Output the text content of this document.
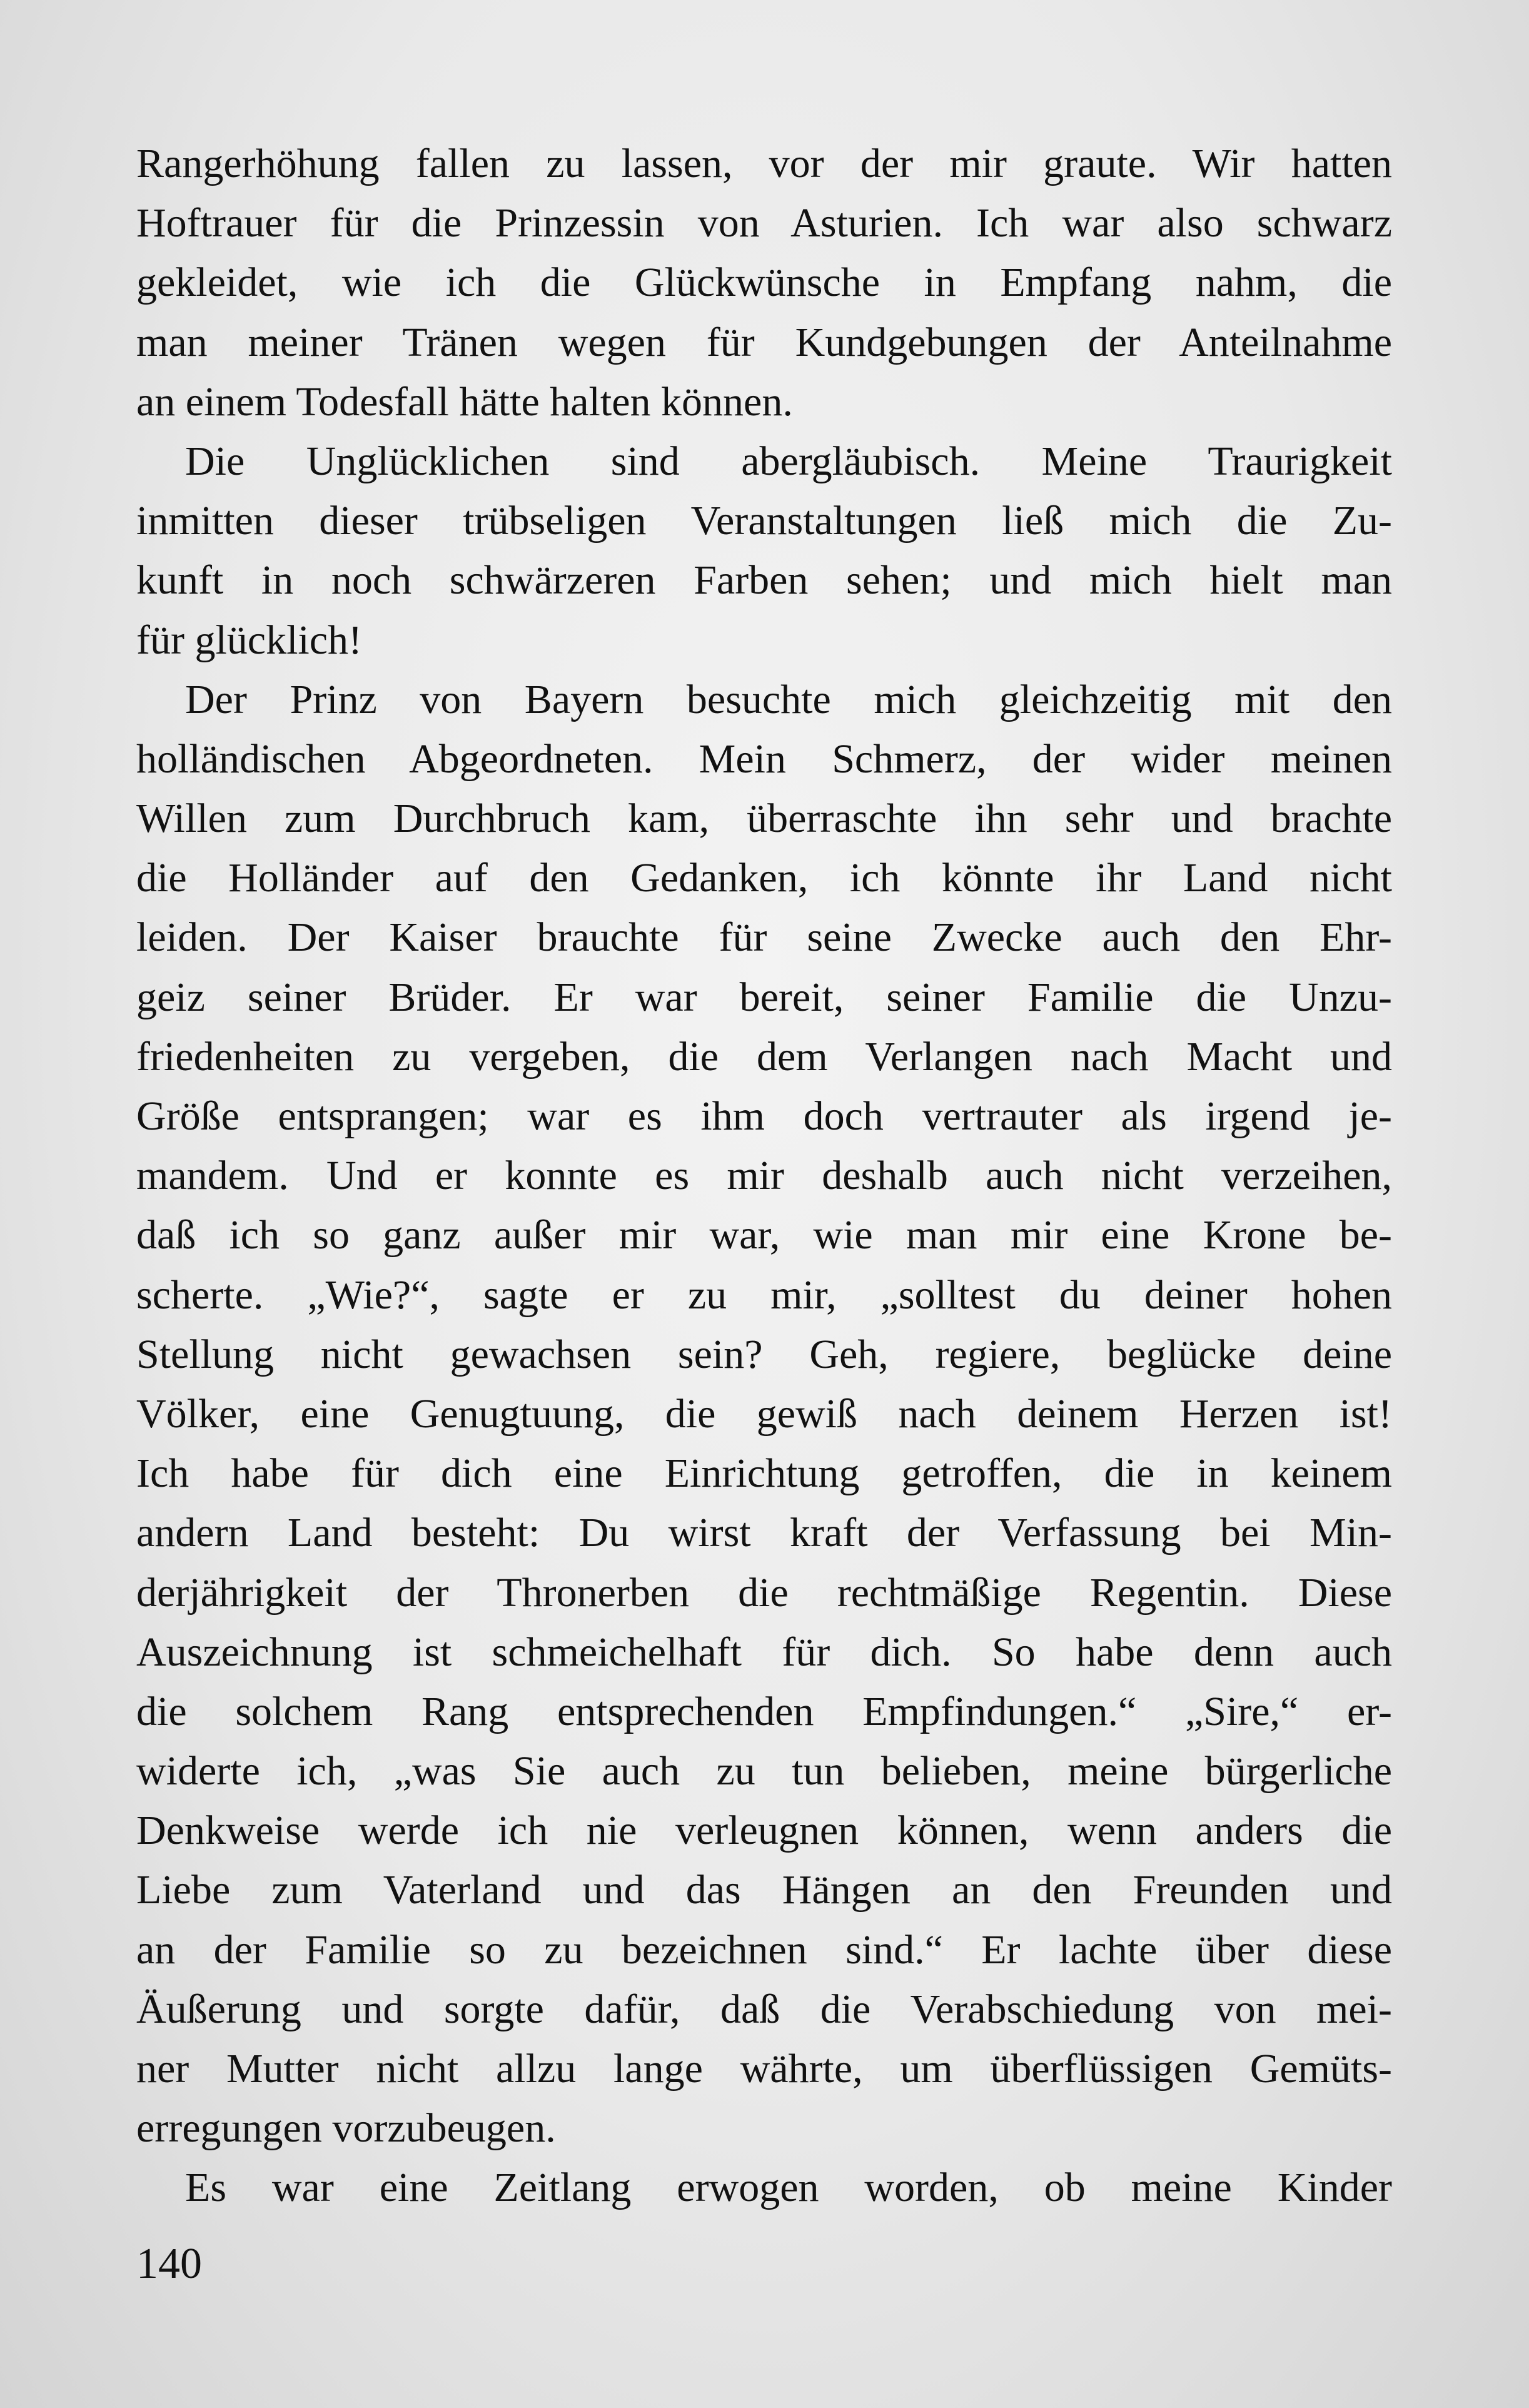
Rangerhöhung fallen zu lassen, vor der mir graute. Wir hatten
Hoftrauer für die Prinzessin von Asturien. Ich war also schwarz
gekleidet, wie ich die Glückwünsche in Empfang nahm, die
man meiner Tränen wegen für Kundgebungen der Anteilnahme
an einem Todesfall hätte halten können.
Die Unglücklichen sind abergläubisch. Meine Traurigkeit
inmitten dieser trübseligen Veranstaltungen ließ mich die Zu-
kunft in noch schwärzeren Farben sehen; und mich hielt man
für glücklich!
Der Prinz von Bayern besuchte mich gleichzeitig mit den
holländischen Abgeordneten. Mein Schmerz, der wider meinen
Willen zum Durchbruch kam, überraschte ihn sehr und brachte
die Holländer auf den Gedanken, ich könnte ihr Land nicht
leiden. Der Kaiser brauchte für seine Zwecke auch den Ehr-
geiz seiner Brüder. Er war bereit, seiner Familie die Unzu-
friedenheiten zu vergeben, die dem Verlangen nach Macht und
Größe entsprangen; war es ihm doch vertrauter als irgend je-
mandem. Und er konnte es mir deshalb auch nicht verzeihen,
daß ich so ganz außer mir war, wie man mir eine Krone be-
scherte. „Wie?“, sagte er zu mir, „solltest du deiner hohen
Stellung nicht gewachsen sein? Geh, regiere, beglücke deine
Völker, eine Genugtuung, die gewiß nach deinem Herzen ist!
Ich habe für dich eine Einrichtung getroffen, die in keinem
andern Land besteht: Du wirst kraft der Verfassung bei Min-
derjährigkeit der Thronerben die rechtmäßige Regentin. Diese
Auszeichnung ist schmeichelhaft für dich. So habe denn auch
die solchem Rang entsprechenden Empfindungen.“ „Sire,“ er-
widerte ich, „was Sie auch zu tun belieben, meine bürgerliche
Denkweise werde ich nie verleugnen können, wenn anders die
Liebe zum Vaterland und das Hängen an den Freunden und
an der Familie so zu bezeichnen sind.“ Er lachte über diese
Äußerung und sorgte dafür, daß die Verabschiedung von mei-
ner Mutter nicht allzu lange währte, um überflüssigen Gemüts-
erregungen vorzubeugen.
Es war eine Zeitlang erwogen worden, ob meine Kinder
140
